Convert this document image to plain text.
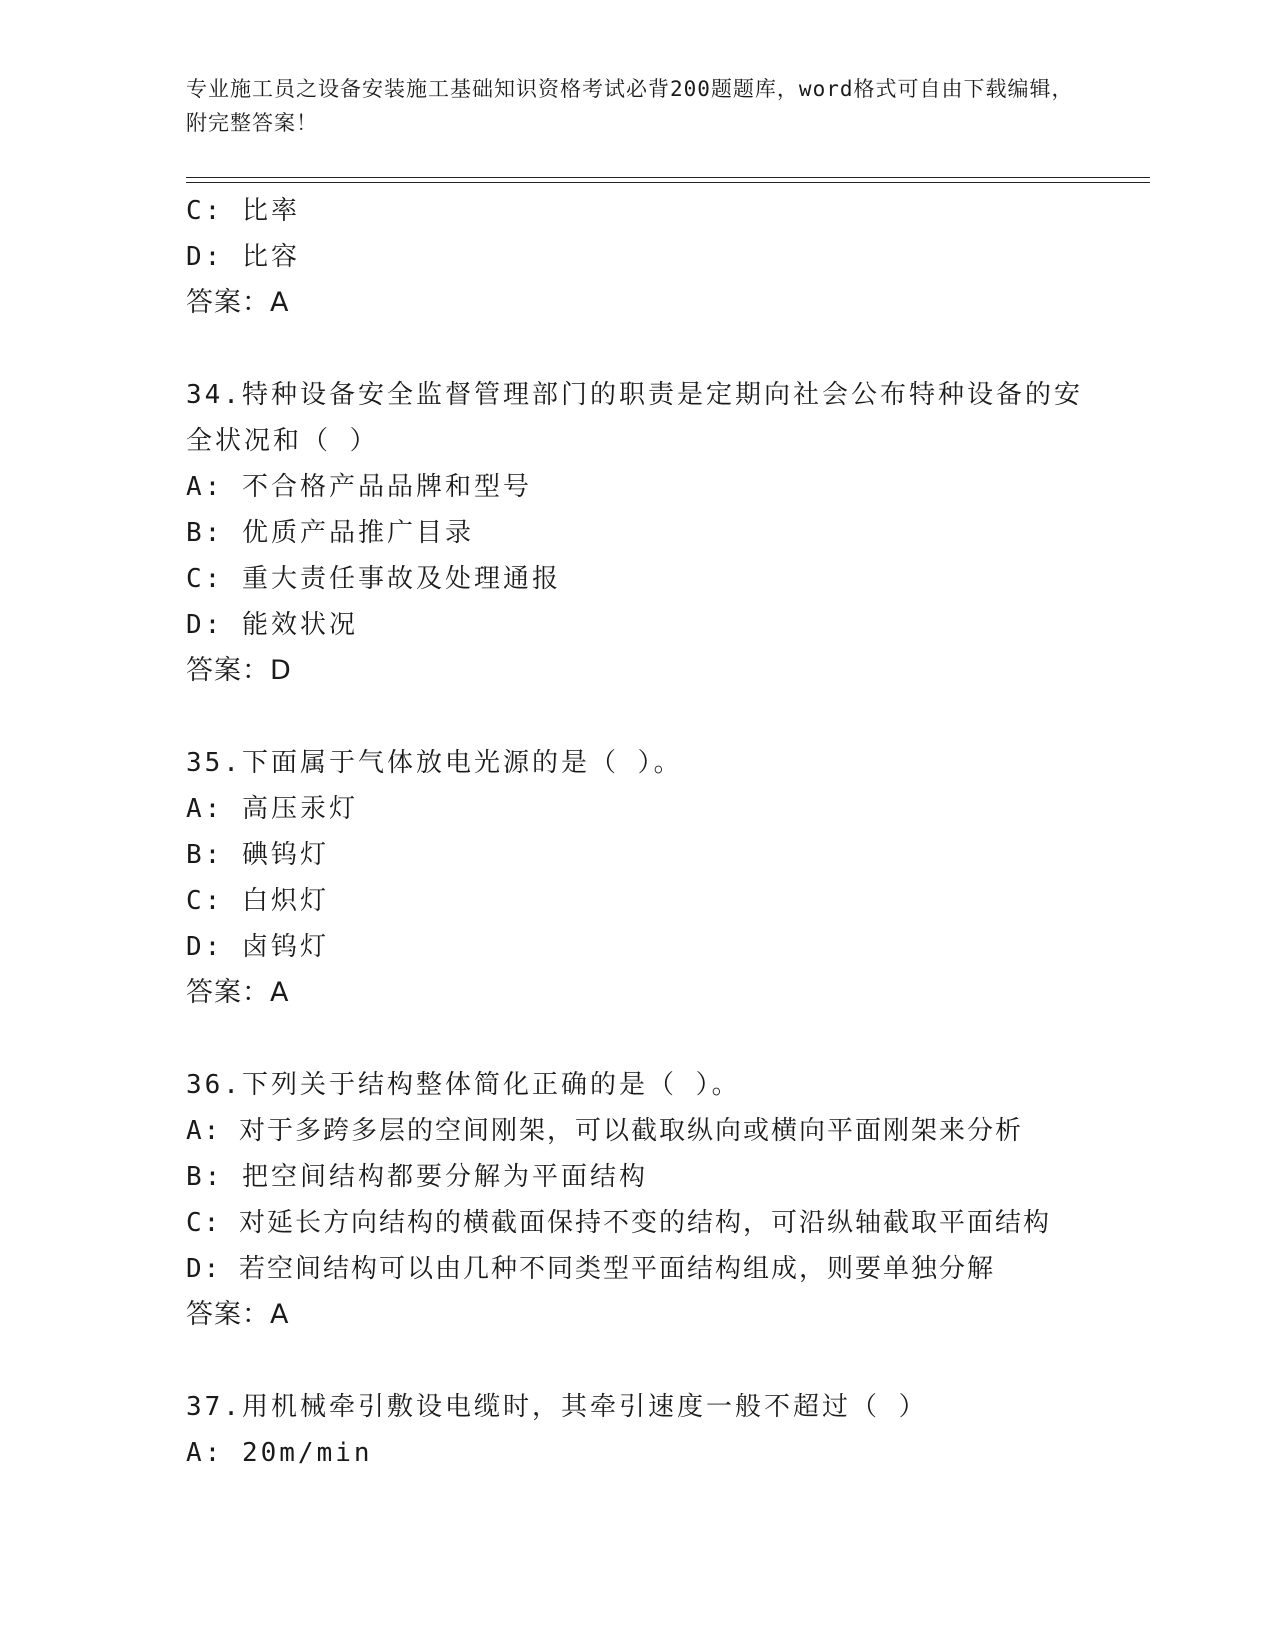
专业施工员之设备安装施工基础知识资格考试必背200题题库，word格式可自由下载编辑，附完整答案！
C: 比率
D: 比容
答案：A
34.特种设备安全监督管理部门的职责是定期向社会公布特种设备的安全状况和（ ）
A: 不合格产品品牌和型号
B: 优质产品推广目录
C: 重大责任事故及处理通报
D: 能效状况
答案：D
35.下面属于气体放电光源的是（ ）。
A: 高压汞灯
B: 碘钨灯
C: 白炽灯
D: 卤钨灯
答案：A
36.下列关于结构整体简化正确的是（ ）。
A: 对于多跨多层的空间刚架，可以截取纵向或横向平面刚架来分析
B: 把空间结构都要分解为平面结构
C: 对延长方向结构的横截面保持不变的结构，可沿纵轴截取平面结构
D: 若空间结构可以由几种不同类型平面结构组成，则要单独分解
答案：A
37.用机械牵引敷设电缆时，其牵引速度一般不超过（ ）
A: 20m/min
